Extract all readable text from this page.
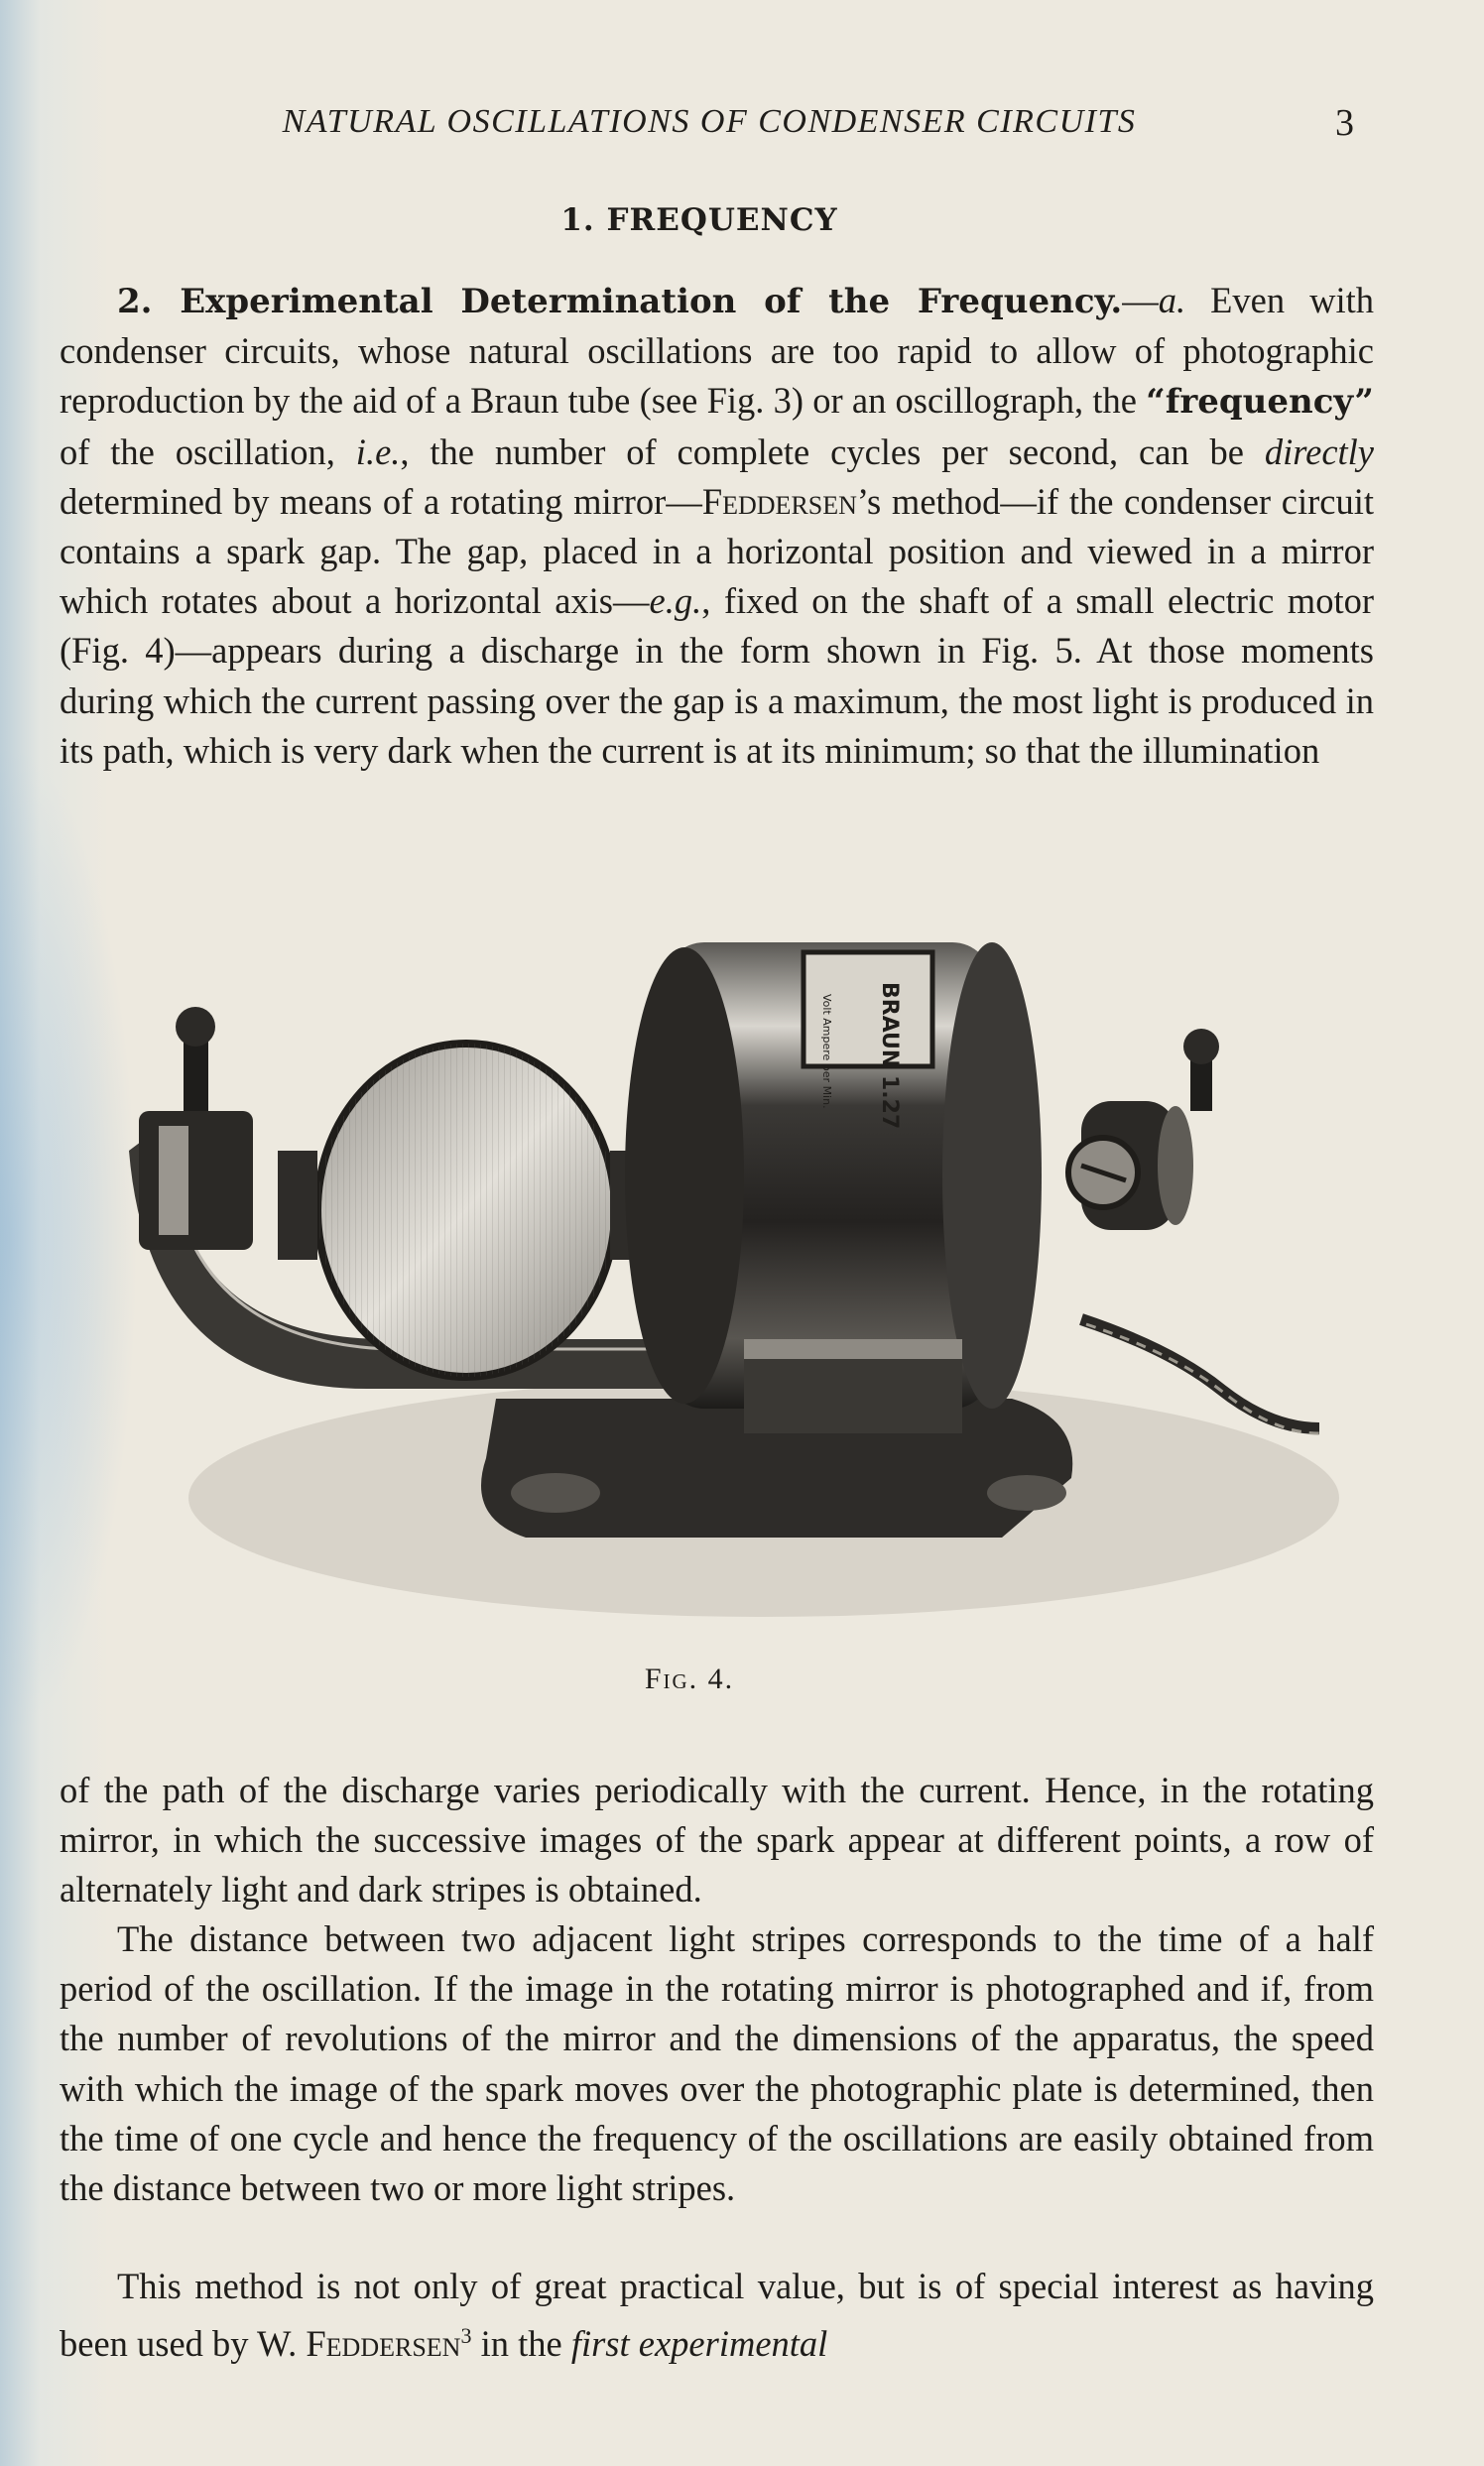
NATURAL OSCILLATIONS OF CONDENSER CIRCUITS	3
1. FREQUENCY

2. Experimental Determination of the Frequency.—a. Even with condenser circuits, whose natural oscillations are too rapid to allow of photographic reproduction by the aid of a Braun tube (see Fig. 3) or an oscillograph, the “frequency” of the oscillation, i.e., the number of complete cycles per second, can be directly determined by means of a rotating mirror—Feddersen’s method—if the condenser circuit contains a spark gap. The gap, placed in a horizontal position and viewed in a mirror which rotates about a horizontal axis—e.g., fixed on the shaft of a small electric motor (Fig. 4)—appears during a discharge in the form shown in Fig. 5. At those moments during which the current passing over the gap is a maximum, the most light is produced in its path, which is very dark when the current is at its minimum; so that the illumination

BRAUN 1.27
Volt Ampere per Min.
Fig. 4.

of the path of the discharge varies periodically with the current. Hence, in the rotating mirror, in which the successive images of the spark appear at different points, a row of alternately light and dark stripes is obtained.

The distance between two adjacent light stripes corresponds to the time of a half period of the oscillation. If the image in the rotating mirror is photographed and if, from the number of revolutions of the mirror and the dimensions of the apparatus, the speed with which the image of the spark moves over the photographic plate is determined, then the time of one cycle and hence the frequency of the oscillations are easily obtained from the distance between two or more light stripes.

This method is not only of great practical value, but is of special interest as having been used by W. Feddersen$^3$ in the first experimental
